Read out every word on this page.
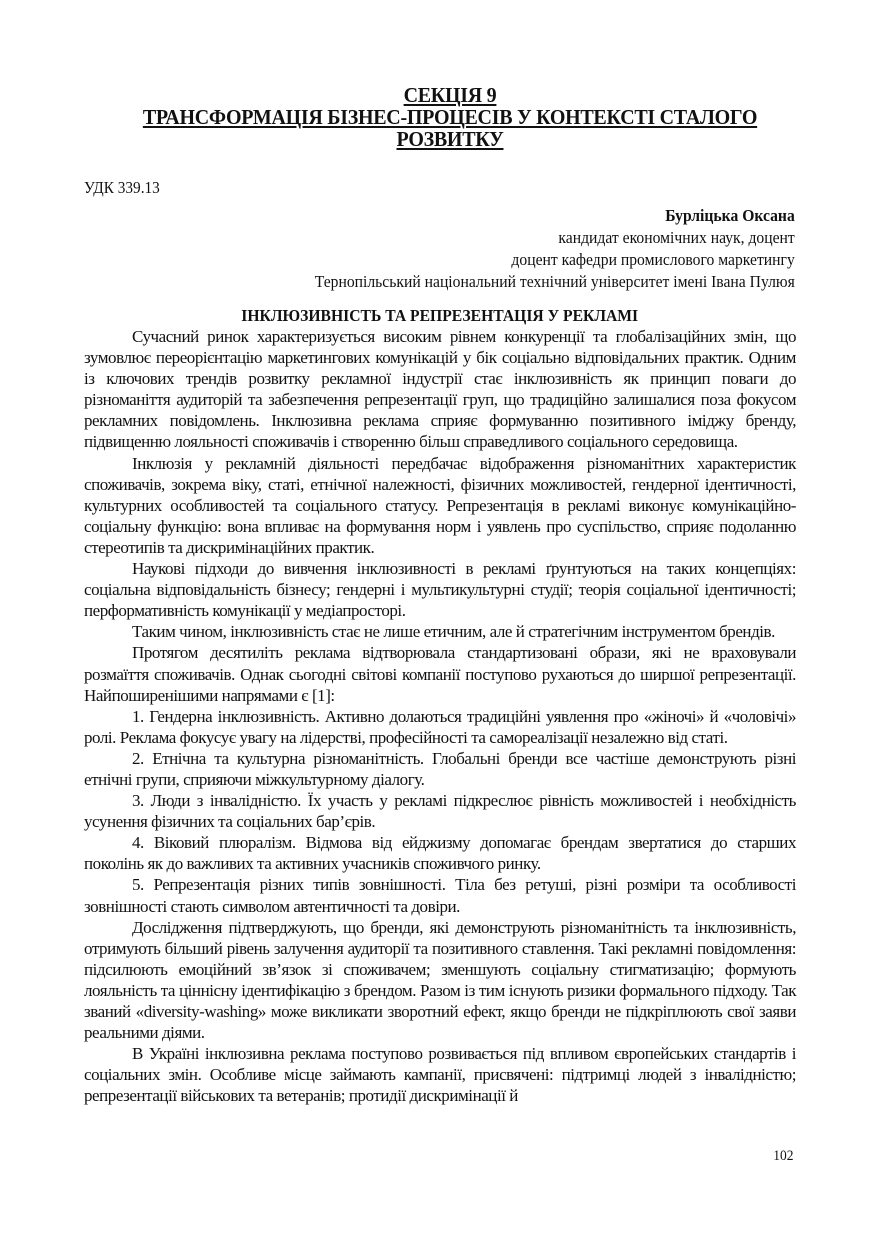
СЕКЦІЯ 9
ТРАНСФОРМАЦІЯ БІЗНЕС-ПРОЦЕСІВ У КОНТЕКСТІ СТАЛОГО
РОЗВИТКУ
УДК 339.13
Бурліцька Оксана
кандидат економічних наук, доцент
доцент кафедри промислового маркетингу
Тернопільський національний технічний університет імені Івана Пулюя
ІНКЛЮЗИВНІСТЬ ТА РЕПРЕЗЕНТАЦІЯ У РЕКЛАМІ

Сучасний ринок характеризується високим рівнем конкуренції та глобалізаційних змін, що зумовлює переорієнтацію маркетингових комунікацій у бік соціально відповідальних практик. Одним із ключових трендів розвитку рекламної індустрії стає інклюзивність як принцип поваги до різноманіття аудиторій та забезпечення репрезентації груп, що традиційно залишалися поза фокусом рекламних повідомлень. Інклюзивна реклама сприяє формуванню позитивного іміджу бренду, підвищенню лояльності споживачів і створенню більш справедливого соціального середовища.

Інклюзія у рекламній діяльності передбачає відображення різноманітних характеристик споживачів, зокрема віку, статі, етнічної належності, фізичних можливостей, гендерної ідентичності, культурних особливостей та соціального статусу. Репрезентація в рекламі виконує комунікаційно-соціальну функцію: вона впливає на формування норм і уявлень про суспільство, сприяє подоланню стереотипів та дискримінаційних практик.

Наукові підходи до вивчення інклюзивності в рекламі ґрунтуються на таких концепціях: соціальна відповідальність бізнесу; гендерні і мультикультурні студії; теорія соціальної ідентичності; перформативність комунікації у медіапросторі.

Таким чином, інклюзивність стає не лише етичним, але й стратегічним інструментом брендів.

Протягом десятиліть реклама відтворювала стандартизовані образи, які не враховували розмаїття споживачів. Однак сьогодні світові компанії поступово рухаються до ширшої репрезентації. Найпоширенішими напрямами є [1]:

1. Гендерна інклюзивність. Активно долаються традиційні уявлення про «жіночі» й «чоловічі» ролі. Реклама фокусує увагу на лідерстві, професійності та самореалізації незалежно від статі.

2. Етнічна та культурна різноманітність. Глобальні бренди все частіше демонструють різні етнічні групи, сприяючи міжкультурному діалогу.

3. Люди з інвалідністю. Їх участь у рекламі підкреслює рівність можливостей і необхідність усунення фізичних та соціальних бар’єрів.

4. Віковий плюралізм. Відмова від ейджизму допомагає брендам звертатися до старших поколінь як до важливих та активних учасників споживчого ринку.

5. Репрезентація різних типів зовнішності. Тіла без ретуші, різні розміри та особливості зовнішності стають символом автентичності та довіри.

Дослідження підтверджують, що бренди, які демонструють різноманітність та інклюзивність, отримують більший рівень залучення аудиторії та позитивного ставлення. Такі рекламні повідомлення: підсилюють емоційний зв’язок зі споживачем; зменшують соціальну стигматизацію; формують лояльність та ціннісну ідентифікацію з брендом. Разом із тим існують ризики формального підходу. Так званий «diversity-washing» може викликати зворотний ефект, якщо бренди не підкріплюють свої заяви реальними діями.

В Україні інклюзивна реклама поступово розвивається під впливом європейських стандартів і соціальних змін. Особливе місце займають кампанії, присвячені: підтримці людей з інвалідністю; репрезентації військових та ветеранів; протидії дискримінації й

102
